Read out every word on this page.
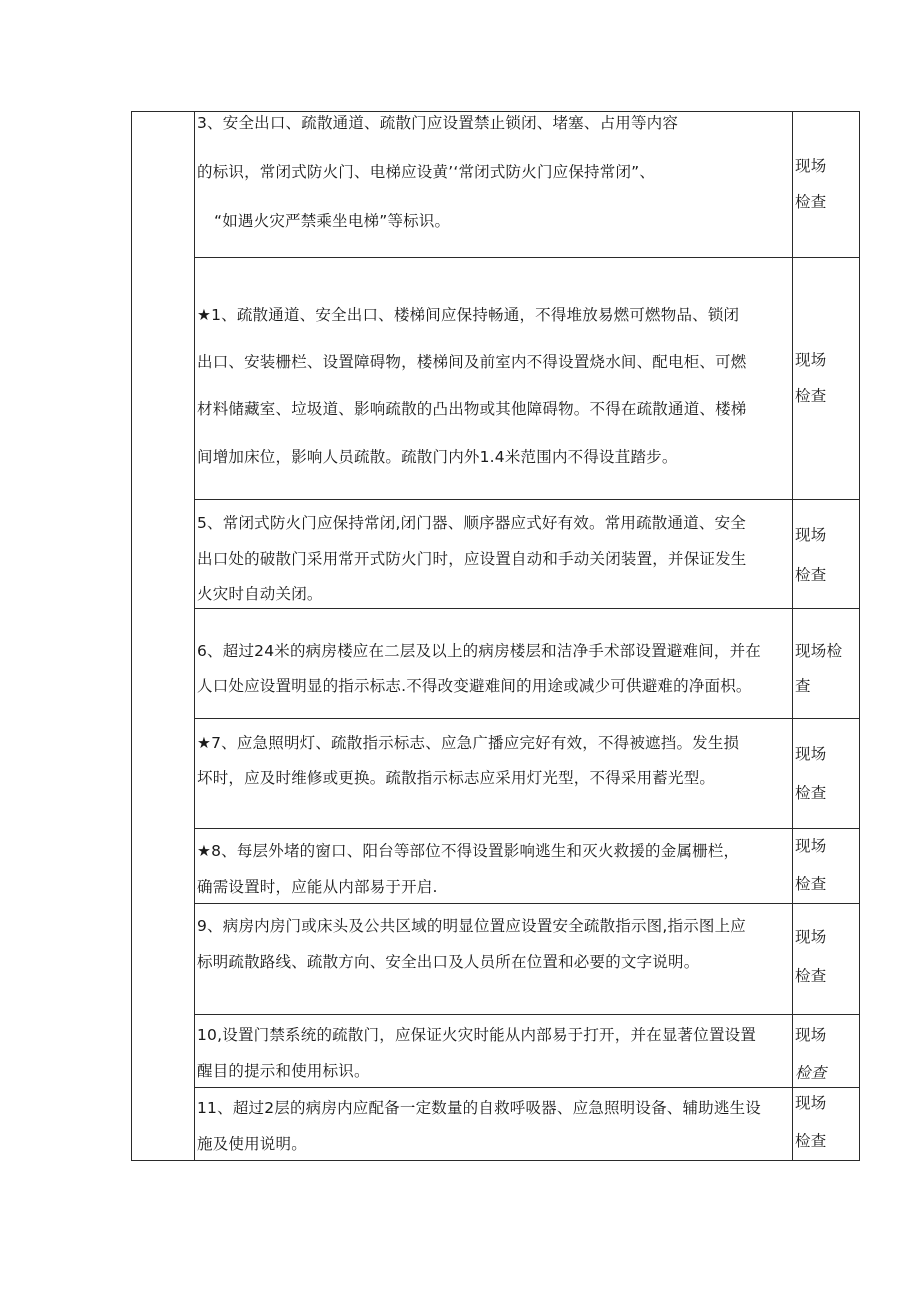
3、安全出口、疏散通道、疏散门应设置禁止锁闭、堵塞、占用等内容
的标识，常闭式防火门、电梯应设黄’‘常闭式防火门应保持常闭”、
“如遇火灾严禁乘坐电梯”等标识。
现场
检查
★1、疏散通道、安全出口、楼梯间应保持畅通，不得堆放易燃可燃物品、锁闭
出口、安装栅栏、设置障碍物，楼梯间及前室内不得设置烧水间、配电柜、可燃
材料储藏室、垃圾道、影响疏散的凸出物或其他障碍物。不得在疏散通道、楼梯
间增加床位，影响人员疏散。疏散门内外1.4米范围内不得设苴踏步。
现场
检查
5、常闭式防火门应保持常闭,闭门器、顺序器应式好有效。常用疏散通道、安全
出口处的破散门采用常开式防火门时，应设置自动和手动关闭装置，并保证发生
火灾时自动关闭。
现场
检查
6、超过24米的病房楼应在二层及以上的病房楼层和洁净手术部设置避难间，并在
人口处应设置明显的指示标志.不得改变避难间的用途或减少可供避难的净面枳。
现场检
查
★7、应急照明灯、疏散指示标志、应急广播应完好有效，不得被遮挡。发生损
坏时，应及时维修或更换。疏散指示标志应采用灯光型，不得采用蓄光型。
现场
检查
★8、每层外堵的窗口、阳台等部位不得设置影响逃生和灭火救援的金属栅栏，
确需设置时，应能从内部易于开启.
现场
检查
9、病房内房门或床头及公共区域的明显位置应设置安全疏散指示图,指示图上应
标明疏散路线、疏散方向、安全出口及人员所在位置和必要的文字说明。
现场
检查
10,设置门禁系统的疏散门，应保证火灾时能从内部易于打开，并在显著位置设置
醒目的提示和使用标识。
现场
检查
11、超过2层的病房内应配备一定数量的自救呼吸器、应急照明设备、辅助逃生设
施及使用说明。
现场
检查
